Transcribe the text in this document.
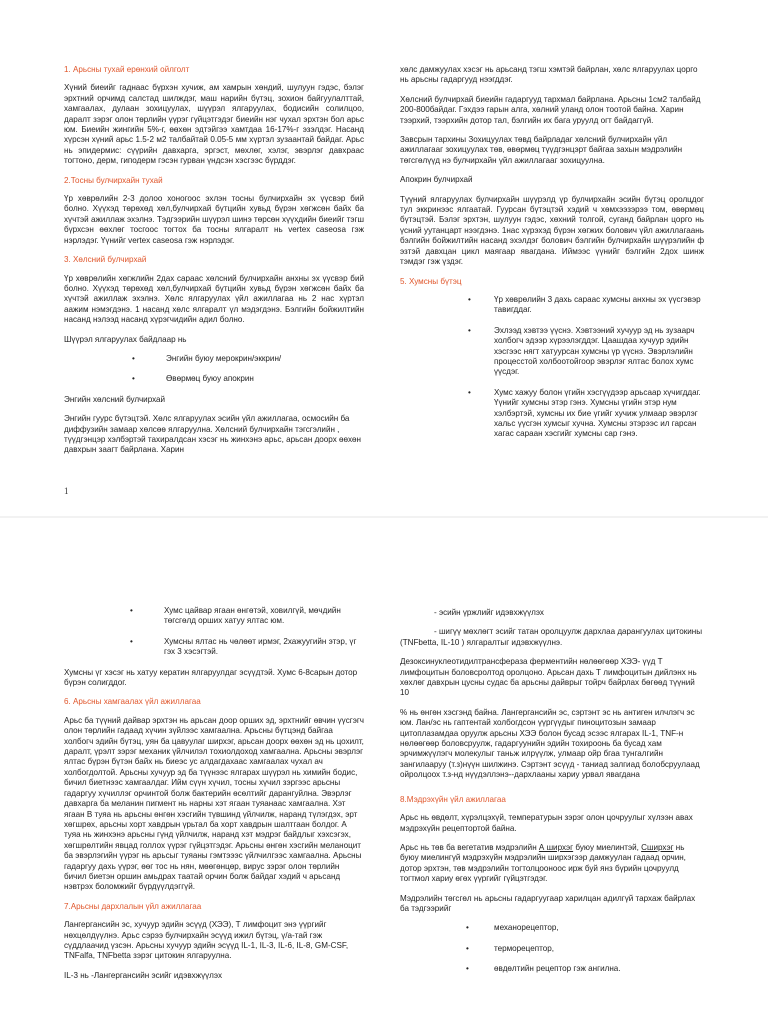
1. Арьсны тухай ерөнхий ойлголт

Хүний биеийг гаднаас бүрхэн хучиж, ам хамрын хөндий, шулуун гэдэс, бэлэг эрхтний орчимд салстад шилждэг, маш нарийн бүтэц, зохион байгуулалттай, хамгаалах, дулаан зохицуулах, шүүрэл ялгаруулах, бодисийн солилцоо, даралт зэрэг олон төрлийн үүрэг гүйцэтгэдэг биеийн нэг чухал эрхтэн бол арьс юм. Биеийн жингийн 5%-г, өөхөн эдтэйгээ хамтдаа 16-17%-г эзэлдэг. Насанд хүрсэн хүний арьс 1.5-2 м2 талбайтай 0.05-5 мм хүртэл зузаантай байдаг. Арьс нь эпидермис: сүүрийн давхарга, эргэст, мөхлөг, хэлэг, эвэрлэг давхраас тогтоно, дерм, гиподерм гэсэн гурван үндсэн хэсгээс бүрддэг.

2.Тосны булчирхайн тухай

Үр хөврөлийн 2-3 долоо хоногоос эхлэн тосны булчирхайн эх үүсвэр бий болно. Хүүхэд төрөхөд хөл,булчирхай бүтцийн хувьд бүрэн хөгжсөн байх ба хүчтэй ажиллаж эхэлнэ. Тэдгээрийн шүүрэл шинэ төрсөн хүүхдийн биеийг тэгш бүрхсэн өөхлөг тосгоос тогтох ба тосны ялгаралт нь vertex caseosa гэж нэрлэдэг. Үүнийг vertex caseosa гэж нэрлэдэг.

3. Хөлсний булчирхай

Үр хөврөлийн хөгжлийн 2дах сараас хөлсний булчирхайн анхны эх үүсвэр бий болно. Хүүхэд төрөхөд хөл,булчирхай бүтцийн хувьд бүрэн хөгжсөн байх ба хүчтэй ажиллаж эхэлнэ. Хөлс ялгаруулах үйл ажиллагаа нь 2 нас хүртэл аажим нэмэгдэнэ. 1 насанд хөлс ялгаралт үл мэдэгдэнэ. Бэлгийн бойжилтийн насанд нэлээд насанд хүрэгчидийн адил болно.

Шүүрэл ялгаруулах байдлаар нь

•	Энгийн буюу мерокрин/эккрин/
•	Өвөрмөц буюу апокрин

Энгийн хөлсний булчирхай

Энгийн гуурс бүтэцтэй. Хөлс ялгаруулах эсийн үйл ажиллагаа, осмосийн ба диффузийн замаар хөлсөө ялгаруулна. Хөлсний булчирхайн тэгсгэлийн , түүдгэнцэр хэлбэртэй тахиралдсан хэсэг нь жинхэнэ арьс, арьсан доорх өөхөн давхрын заагт байрлана. Харин

хөлс дамжуулах хэсэг нь арьсанд тэгш хэмтэй байрлан, хөлс ялгаруулах цорго нь арьсны гадаргууд нээгддэг.

Хөлсний булчирхай биеийн гадаргууд тархмал байрлана. Арьсны 1см2 талбайд 200-800байдаг. Гэхдээ гарын алга, хөлний уланд олон тоотой байна. Харин тээрхий, тээрхийн дотор тал, бэлгийн их бага уруулд огт байдаггүй.

Завсрын тархины Зохицуулах төвд байрладаг хөлсний булчирхайн үйл ажиллагааг зохицуулах төв, өвөрмөц түүдгэнцэрт байгаа захын мэдрэлийн төгсгөлүүд нэ булчирхайн үйл ажиллагааг зохицуулна.

Апокрин булчирхай

Түүний ялгаруулах булчирхайн шүүрэлд үр булчирхайн эсийн бүтэц оролцдог тул эккринээс ялгаатай. Гуурсан бүтэцтэй хэдий ч хөмхээзэрээ том, өвөрмөц бүтэцтэй. Бэлэг эрхтэн, шулуун гэдэс, хөхний толгой, суганд байрлан цорго нь үсний уутанцарт нээгдэнэ. 1нас хүрэхэд бүрэн хөгжих болович үйл ажиллагаань бэлгийн бойжилтийн насанд эхэлдэг болович бэлгийн булчирхайн шүүрэлийн ф эзтэй давхцан цикл маягаар явагдана. Иймээс үүнийг бэлгийн 2дох шинж тэмдэг гэж үздэг.

5. Хумсны бүтэц
•	Үр хөврөлийн 3 дахь сараас хумсны анхны эх үүсгэвэр тавигддаг.
•	Эхлээд хэвтээ үүснэ. Хэвтээний хучуур эд нь зузаарч холбогч эдээр хүрээлэгддэг. Цаашдаа хучуур эдийн хэсгээс нягт хатуурсан хумсны үр үүснэ. Эвэрлэлийн процесстой холбоотойгоор эвэрлэг ялтас болох хумс үүсдэг.
•	Хумс хажуу болон үгийн хэсгүүдээр арьсаар хүчигддаг. Үүнийг хумсны этэр гэнэ. Хумсны үгийн этэр нум хэлбэртэй, хумсны их бие үгийг хучиж улмаар эвэрлэг хальс үүсгэн хумсыг хучна. Хумсны этэрээс ил гарсан хагас сараан хэсгийг хумсны сар гэнэ.
1
•	Хумс цайвар ягаан өнгөтэй, ховилгүй, мөчдийн төгсгөлд орших хатуу ялтас юм.
•	Хумсны ялтас нь чөлөөт ирмэг, 2хажуугийн этэр, үг гэх 3 хэсэгтэй.

Хумсны үг хэсэг нь хатуу кератин ялгаруулдаг эсүүдтэй. Хумс 6-8сарын дотор бүрэн солигддог.

6. Арьсны хамгаалах үйл ажиллагаа

Арьс ба түүний дайвар эрхтэн нь арьсан доор орших эд, эрхтнийг өвчин үүсгэгч олон төрлийн гадаад хүчин зүйлээс хамгаална. Арьсны бүтцэнд байгаа холбогч эдийн бүтэц, уян ба цавуулаг ширхэг, арьсан доорх өөхөн эд нь цохилт, даралт, үрэлт зэрэг механик үйлчилэл тохиолдоход хамгаална. Арьсны эвэрлэг ялтас бүрэн бүтэн байх нь биеэс ус алдагдахаас хамгаалах чухал ач холбогдолтой. Арьсны хучуур эд ба түүнээс ялгарах шүүрэл нь химийн бодис, бичил биетнээс хамгаалдаг. Ийм сүүн хүчил, тосны хүчил зэргээс арьсны гадаргуу хүчиллэг орчинтой болж бактерийн өсөлтийг дарангуйлна. Эвэрлэг давхарга ба меланин пигмент нь нарны хэт ягаан туяанаас хамгаална. Хэт ягаан В туяа нь арьсны өнгөн хэсгийн түвшинд үйлчилж, наранд түлэгдэх, эрт хөгшрөх, арьсны хорт хавдрын үрьтал ба хорт хавдрын шалтгаан болдог. А туяа нь жинхэнэ арьсны гүнд үйлчилж, наранд хэт мэдрэг байдлыг хэхсэгэх, хөгшрөлтийн явцад голлох үүрэг гүйцэтгэдэг. Арьсны өнгөн хэсгийн меланоцит ба эвэрлэгийн үүрэг нь арьсыг туяаны гэмтэээс үйлчилгээс хамгаална. Арьсны гадаргуу дахь үүрэг, өөг тос нь нян, мөөгөнцөр, вирус зэрэг олон төрлийн бичил биетэн оршин амьдрах таатай орчин болж байдаг хэдий ч арьсанд нэвтрэх боломжийг бүрдүүлдэггүй.

7.Арьсны дархлалын үйл ажиллагаа

Лангергансийн эс, хучуур эдийн эсүүд (ХЭЭ), Т лимфоцит энэ үүргийг нөхцөлдүүлнэ. Арьс сэрээ булчирхайн эсүүд ижил бүтэц, ү/а-тай гэж сүддлаачид үзсэн. Арьсны хучуур эдийн эсүүд IL-1, IL-3, IL-6, IL-8, GM-CSF, TNFalfa, TNFbetta зэрэг цитокин ялгаруулна.

IL-3 нь -Лангергансийн эсийг идэвхжүүлэх

- эсийн үржлийг идэвхжүүлэх

- шигүү мөхлөгт эсийг татан оролцуулж дархлаа дарангуулах цитокины (TNFbetta, IL-10 ) ялгаралтыг идэвхжүүлнэ.

Дезоксинуклеотидилтрансфераза ферментийн нөлөөгөөр ХЭЭ- үүд Т лимфоцитын боловсролтод оролцоно. Арьсан дахь Т лимфоцитын дийлэнх нь хөхлөг давхрын цусны судас ба арьсны дайврыг тойрч байрлах бөгөөд түүний 10

% нь өнгөн хэсгэнд байна. Лангергансийн эс, сэртэнт эс нь антиген илчлэгч эс юм. Лан/эс нь гаптентай холбогдсон үүргүүдыг пиноцитозын замаар цитоплазамдаа оруулж арьсны ХЭЭ болон бусад эсээс ялгарах IL-1, TNF-н нөлөөгөөр боловсруулж, гадаргуунийн эдийн тохироонь ба бусад хам эрчимжүүлэгч молекулыг таньж илрүүлж, улмаар ойр бгаа тунгалгийн зангилааруу (т.з)нүүн шилжинэ. Сэртэнт эсүүд - таниад залгиад болобсруулаад ойролцоох т.з-нд нүүдэллэнэ--дархлааны хариу урвал явагдана

8.Мэдрэхүйн үйл ажиллагаа

Арьс нь өвдөлт, хүрэлцэхүй, температурын зэрэг олон цочруулыг хүлээн авах мэдрэхүйн рецептортой байна.

Арьс нь төв ба вегетатив мэдрэлийн А ширхэг буюу миелинтэй, Сширхэг нь буюу миелингүй мэдрэхүйн мэдрэлийн ширхэгээр дамжуулан гадаад орчин, дотор эрхтэн, төв мэдрэлийн тогтолцооноос ирж буй янз бүрийн цочруулд тогтмол хариу өгөх үүргийг гүйцэтгэдэг.

Мэдрэлийн төгсгөл нь арьсны гадаргуугаар харилцан адилгүй тархаж байрлах ба тэдгээрийг

•	механорецептор,
•	терморецептор,
•	өвдөлтийн рецептор гэж ангилна.
